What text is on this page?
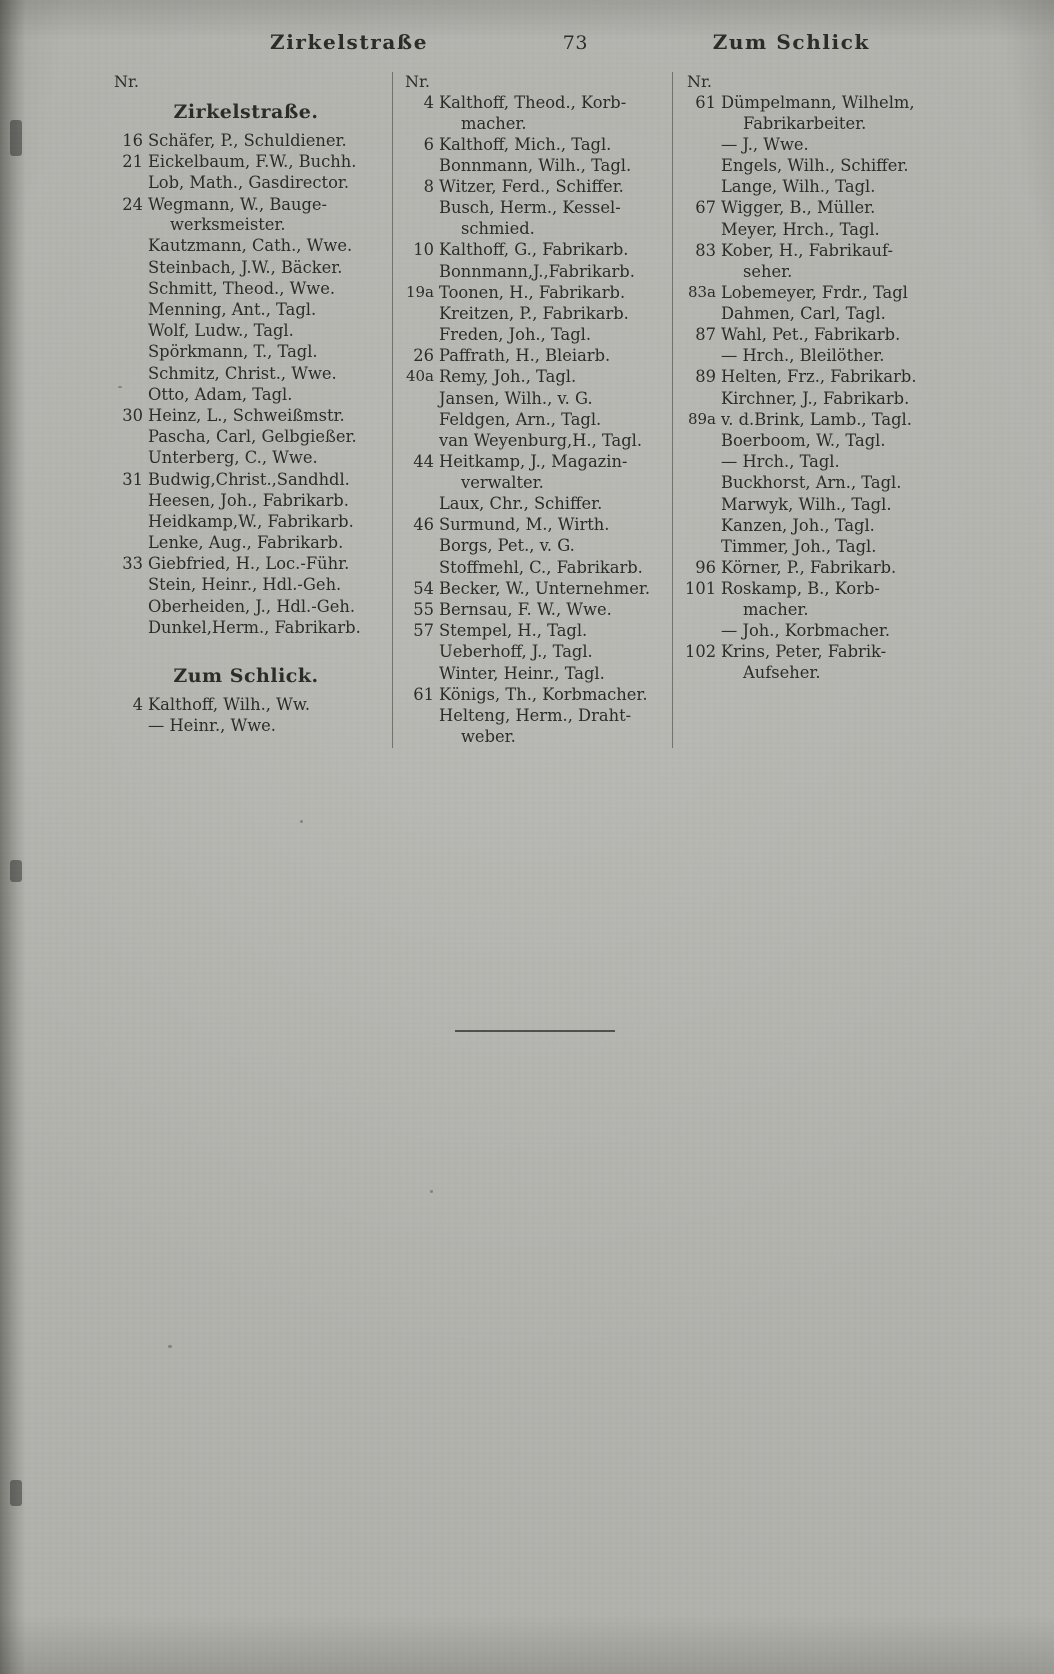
Zirkelstraße	73	Zum Schlick
Nr.
Zirkelstraße.
16 Schäfer, P., Schuldiener.
21 Eickelbaum, F.W., Buchh.
Lob, Math., Gasdirector.
24 Wegmann, W., Bauge-
werksmeister.
Kautzmann, Cath., Wwe.
Steinbach, J.W., Bäcker.
Schmitt, Theod., Wwe.
Menning, Ant., Tagl.
Wolf, Ludw., Tagl.
Spörkmann, T., Tagl.
Schmitz, Christ., Wwe.
Otto, Adam, Tagl.
30 Heinz, L., Schweißmstr.
Pascha, Carl, Gelbgießer.
Unterberg, C., Wwe.
31 Budwig,Christ.,Sandhdl.
Heesen, Joh., Fabrikarb.
Heidkamp,W., Fabrikarb.
Lenke, Aug., Fabrikarb.
33 Giebfried, H., Loc.-Führ.
Stein, Heinr., Hdl.-Geh.
Oberheiden, J., Hdl.-Geh.
Dunkel,Herm., Fabrikarb.
Zum Schlick.
4 Kalthoff, Wilh., Ww.
— Heinr., Wwe.
Nr.
4 Kalthoff, Theod., Korb-
macher.
6 Kalthoff, Mich., Tagl.
Bonnmann, Wilh., Tagl.
8 Witzer, Ferd., Schiffer.
Busch, Herm., Kessel-
schmied.
10 Kalthoff, G., Fabrikarb.
Bonnmann,J.,Fabrikarb.
19a Toonen, H., Fabrikarb.
Kreitzen, P., Fabrikarb.
Freden, Joh., Tagl.
26 Paffrath, H., Bleiarb.
40a Remy, Joh., Tagl.
Jansen, Wilh., v. G.
Feldgen, Arn., Tagl.
van Weyenburg,H., Tagl.
44 Heitkamp, J., Magazin-
verwalter.
Laux, Chr., Schiffer.
46 Surmund, M., Wirth.
Borgs, Pet., v. G.
Stoffmehl, C., Fabrikarb.
54 Becker, W., Unternehmer.
55 Bernsau, F. W., Wwe.
57 Stempel, H., Tagl.
Ueberhoff, J., Tagl.
Winter, Heinr., Tagl.
61 Königs, Th., Korbmacher.
Helteng, Herm., Draht-
weber.
Nr.
61 Dümpelmann, Wilhelm,
Fabrikarbeiter.
— J., Wwe.
Engels, Wilh., Schiffer.
Lange, Wilh., Tagl.
67 Wigger, B., Müller.
Meyer, Hrch., Tagl.
83 Kober, H., Fabrikauf-
seher.
83a Lobemeyer, Frdr., Tagl
Dahmen, Carl, Tagl.
87 Wahl, Pet., Fabrikarb.
— Hrch., Bleilöther.
89 Helten, Frz., Fabrikarb.
Kirchner, J., Fabrikarb.
89a v. d.Brink, Lamb., Tagl.
Boerboom, W., Tagl.
— Hrch., Tagl.
Buckhorst, Arn., Tagl.
Marwyk, Wilh., Tagl.
Kanzen, Joh., Tagl.
Timmer, Joh., Tagl.
96 Körner, P., Fabrikarb.
101 Roskamp, B., Korb-
macher.
— Joh., Korbmacher.
102 Krins, Peter, Fabrik-
Aufseher.
